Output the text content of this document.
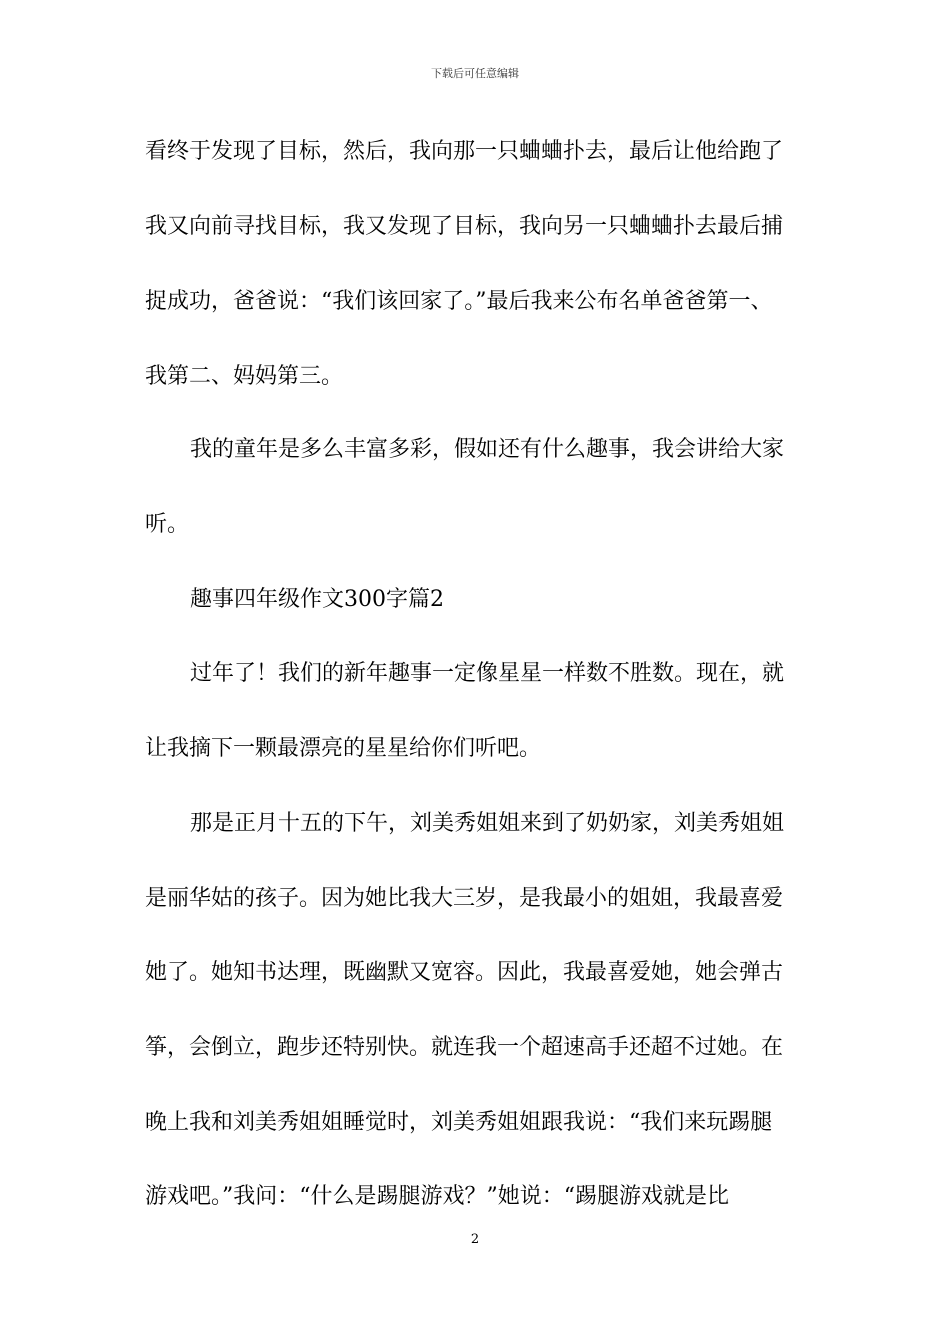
下载后可任意编辑
看终于发现了目标，然后，我向那一只蛐蛐扑去，最后让他给跑了
我又向前寻找目标，我又发现了目标，我向另一只蛐蛐扑去最后捕
捉成功，爸爸说：“我们该回家了。”最后我来公布名单爸爸第一、
我第二、妈妈第三。
我的童年是多么丰富多彩，假如还有什么趣事，我会讲给大家
听。
趣事四年级作文300字篇2
过年了！我们的新年趣事一定像星星一样数不胜数。现在，就
让我摘下一颗最漂亮的星星给你们听吧。
那是正月十五的下午，刘美秀姐姐来到了奶奶家，刘美秀姐姐
是丽华姑的孩子。因为她比我大三岁，是我最小的姐姐，我最喜爱
她了。她知书达理，既幽默又宽容。因此，我最喜爱她，她会弹古
筝，会倒立，跑步还特别快。就连我一个超速高手还超不过她。在
晚上我和刘美秀姐姐睡觉时，刘美秀姐姐跟我说：“我们来玩踢腿
游戏吧。”我问：“什么是踢腿游戏？”她说：“踢腿游戏就是比
2
